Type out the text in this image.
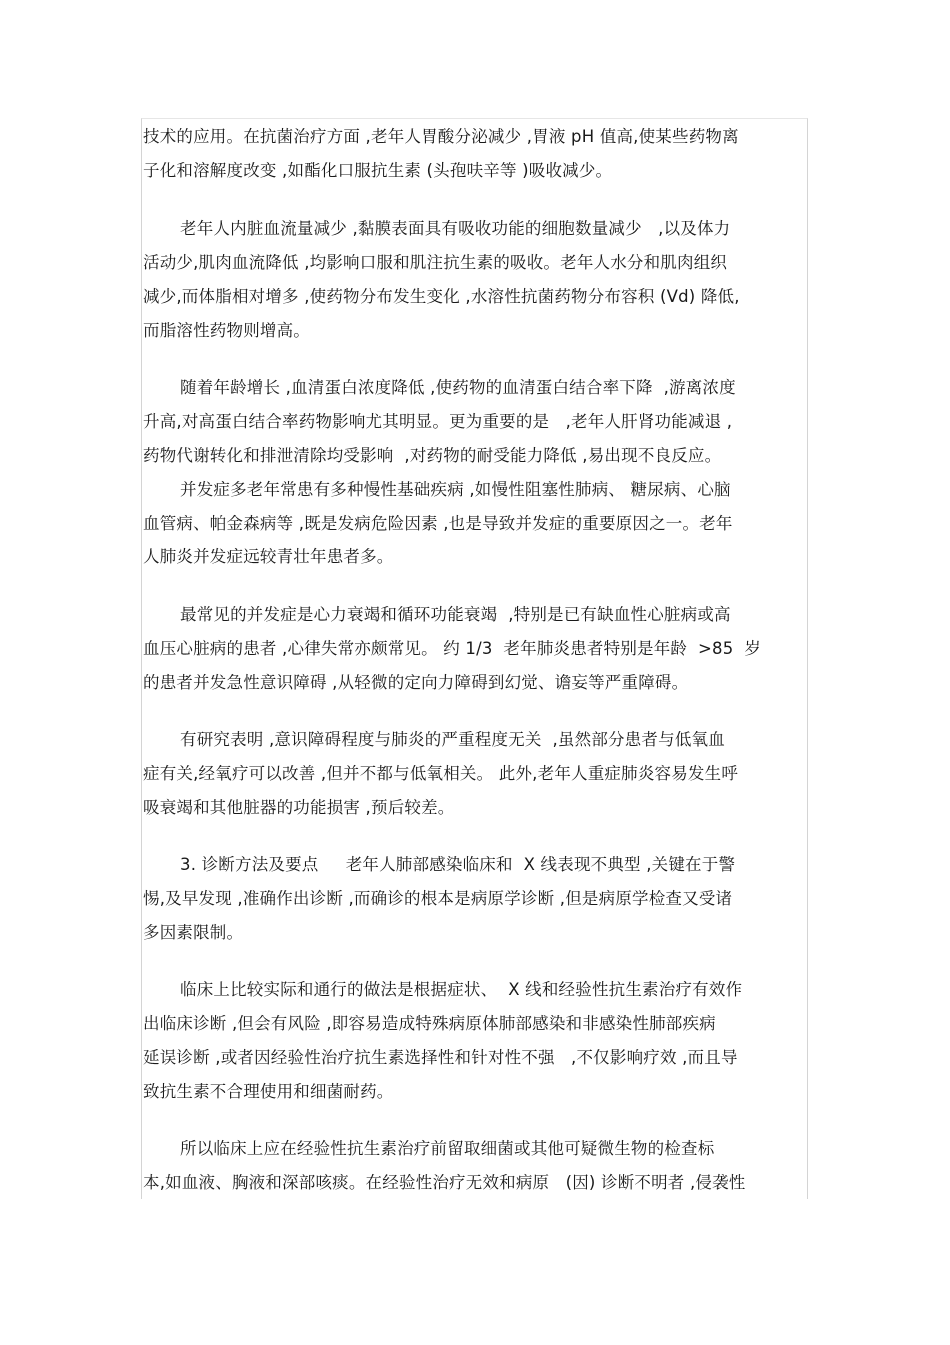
技术的应用。在抗菌治疗方面 ,老年人胃酸分泌减少 ,胃液 pH 值高,使某些药物离
子化和溶解度改变 ,如酯化口服抗生素 (头孢呋辛等 )吸收减少。
老年人内脏血流量减少 ,黏膜表面具有吸收功能的细胞数量减少   ,以及体力
活动少,肌肉血流降低 ,均影响口服和肌注抗生素的吸收。老年人水分和肌肉组织
减少,而体脂相对增多 ,使药物分布发生变化 ,水溶性抗菌药物分布容积 (Vd) 降低,
而脂溶性药物则增高。
随着年龄增长 ,血清蛋白浓度降低 ,使药物的血清蛋白结合率下降  ,游离浓度
升高,对高蛋白结合率药物影响尤其明显。更为重要的是   ,老年人肝肾功能减退 ,
药物代谢转化和排泄清除均受影响  ,对药物的耐受能力降低 ,易出现不良反应。
并发症多老年常患有多种慢性基础疾病 ,如慢性阻塞性肺病、 糖尿病、心脑
血管病、帕金森病等 ,既是发病危险因素 ,也是导致并发症的重要原因之一。老年
人肺炎并发症远较青壮年患者多。
最常见的并发症是心力衰竭和循环功能衰竭  ,特别是已有缺血性心脏病或高
血压心脏病的患者 ,心律失常亦颇常见。 约 1/3  老年肺炎患者特别是年龄  >85  岁
的患者并发急性意识障碍 ,从轻微的定向力障碍到幻觉、谵妄等严重障碍。
有研究表明 ,意识障碍程度与肺炎的严重程度无关  ,虽然部分患者与低氧血
症有关,经氧疗可以改善 ,但并不都与低氧相关。 此外,老年人重症肺炎容易发生呼
吸衰竭和其他脏器的功能损害 ,预后较差。
3. 诊断方法及要点     老年人肺部感染临床和  X 线表现不典型 ,关键在于警
惕,及早发现 ,准确作出诊断 ,而确诊的根本是病原学诊断 ,但是病原学检查又受诸
多因素限制。
临床上比较实际和通行的做法是根据症状、  X 线和经验性抗生素治疗有效作
出临床诊断 ,但会有风险 ,即容易造成特殊病原体肺部感染和非感染性肺部疾病
延误诊断 ,或者因经验性治疗抗生素选择性和针对性不强   ,不仅影响疗效 ,而且导
致抗生素不合理使用和细菌耐药。
所以临床上应在经验性抗生素治疗前留取细菌或其他可疑微生物的检查标
本,如血液、胸液和深部咳痰。在经验性治疗无效和病原   (因) 诊断不明者 ,侵袭性
